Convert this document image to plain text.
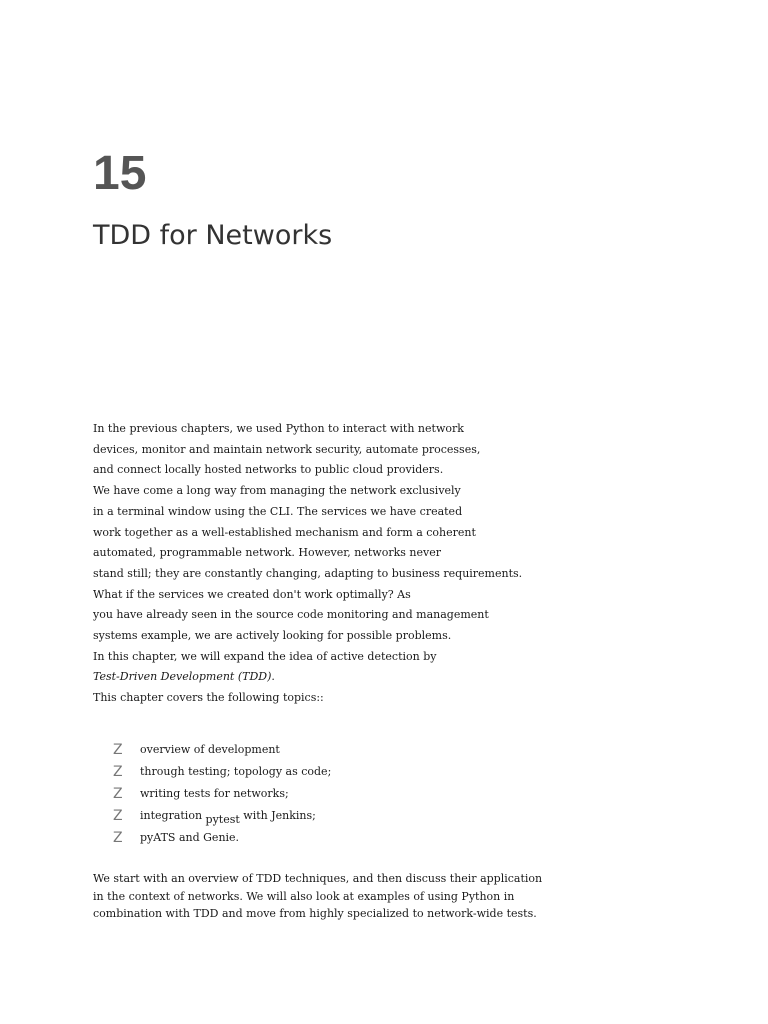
15
TDD for Networks
In the previous chapters, we used Python to interact with network
devices, monitor and maintain network security, automate processes,
and connect locally hosted networks to public cloud providers.
We have come a long way from managing the network exclusively
in a terminal window using the CLI. The services we have created
work together as a well-established mechanism and form a coherent
automated, programmable network. However, networks never
stand still; they are constantly changing, adapting to business requirements.
What if the services we created don't work optimally? As
you have already seen in the source code monitoring and management
systems example, we are actively looking for possible problems.
In this chapter, we will expand the idea of active detection by
Test-Driven Development (TDD).
This chapter covers the following topics::
Z overview of development
Z through testing; topology as code;
Z writing tests for networks;
Z integration pytest with Jenkins;
Z pyATS and Genie.
We start with an overview of TDD techniques, and then discuss their application
in the context of networks. We will also look at examples of using Python in
combination with TDD and move from highly specialized to network-wide tests.
